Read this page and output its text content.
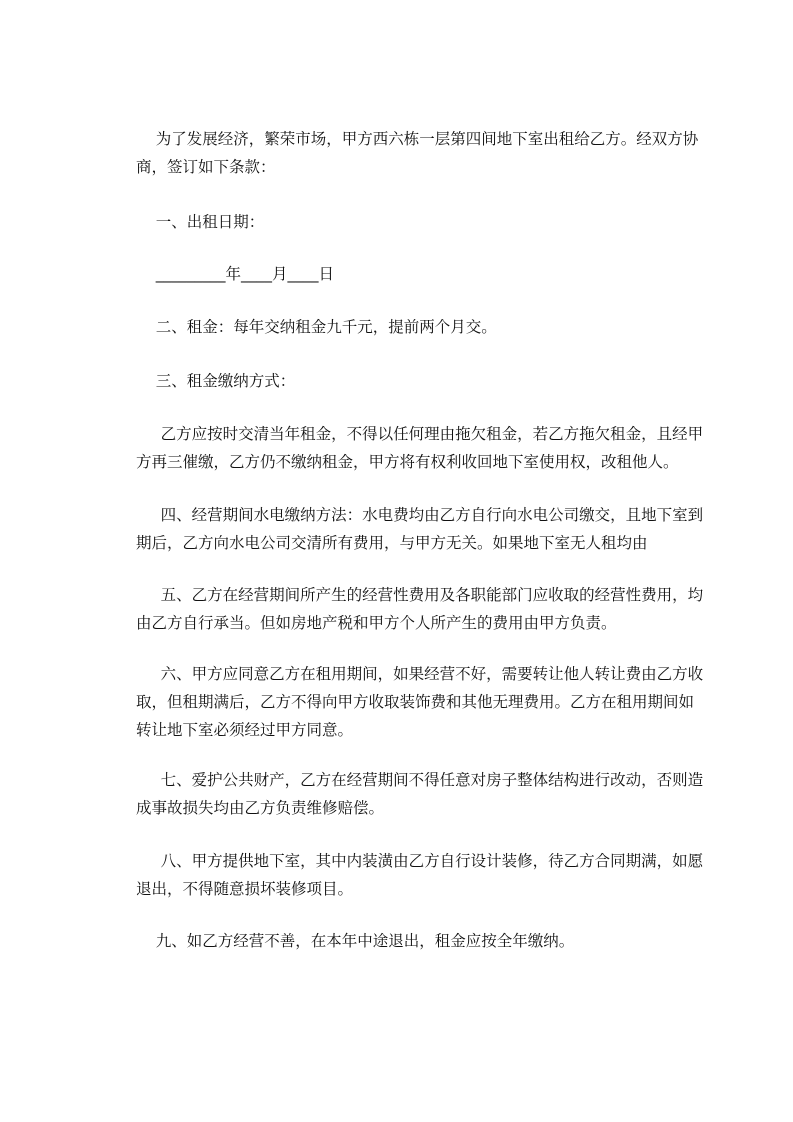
为了发展经济，繁荣市场，甲方西六栋一层第四间地下室出租给乙方。经双方协商，签订如下条款：
一、出租日期：
_________年____月____日
二、租金：每年交纳租金九千元，提前两个月交。
三、租金缴纳方式：
乙方应按时交清当年租金，不得以任何理由拖欠租金，若乙方拖欠租金，且经甲方再三催缴，乙方仍不缴纳租金，甲方将有权利收回地下室使用权，改租他人。
四、经营期间水电缴纳方法：水电费均由乙方自行向水电公司缴交，且地下室到期后，乙方向水电公司交清所有费用，与甲方无关。如果地下室无人租均由
五、乙方在经营期间所产生的经营性费用及各职能部门应收取的经营性费用，均由乙方自行承当。但如房地产税和甲方个人所产生的费用由甲方负责。
六、甲方应同意乙方在租用期间，如果经营不好，需要转让他人转让费由乙方收 取，但租期满后，乙方不得向甲方收取装饰费和其他无理费用。乙方在租用期间如转让地下室必须经过甲方同意。
七、爱护公共财产，乙方在经营期间不得任意对房子整体结构进行改动，否则造成事故损失均由乙方负责维修赔偿。
八、甲方提供地下室，其中内装潢由乙方自行设计装修，待乙方合同期满，如愿退出，不得随意损坏装修项目。
九、如乙方经营不善，在本年中途退出，租金应按全年缴纳。
